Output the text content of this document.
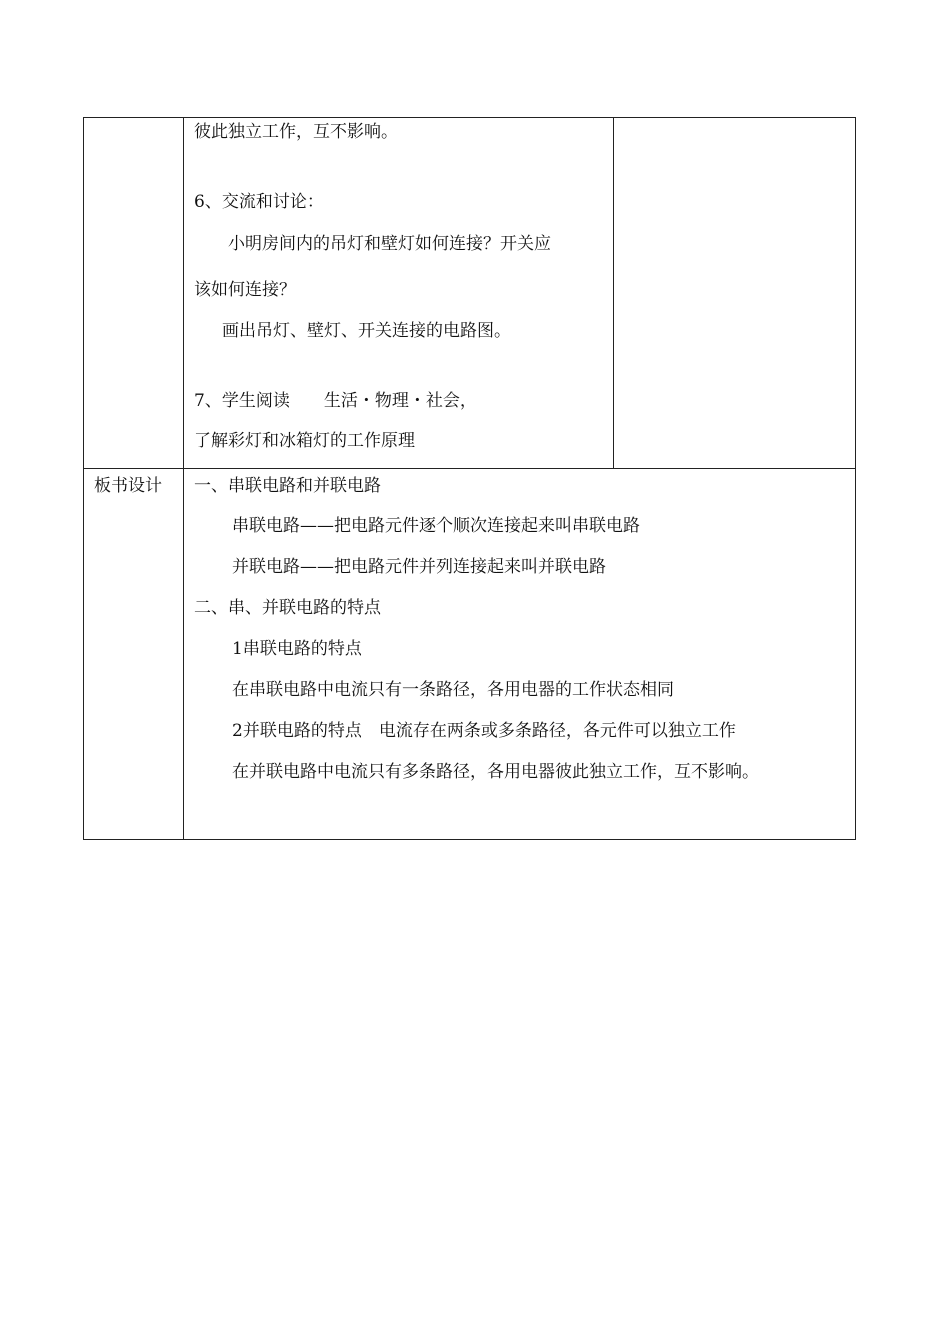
彼此独立工作，互不影响。
6、交流和讨论：
小明房间内的吊灯和壁灯如何连接？开关应
该如何连接？
画出吊灯、壁灯、开关连接的电路图。
7、学生阅读　　生活・物理・社会，
了解彩灯和冰箱灯的工作原理
板书设计 一、串联电路和并联电路
串联电路——把电路元件逐个顺次连接起来叫串联电路
并联电路——把电路元件并列连接起来叫并联电路
二、串、并联电路的特点
1串联电路的特点
在串联电路中电流只有一条路径，各用电器的工作状态相同
2并联电路的特点　电流存在两条或多条路径，各元件可以独立工作
在并联电路中电流只有多条路径，各用电器彼此独立工作，互不影响。
